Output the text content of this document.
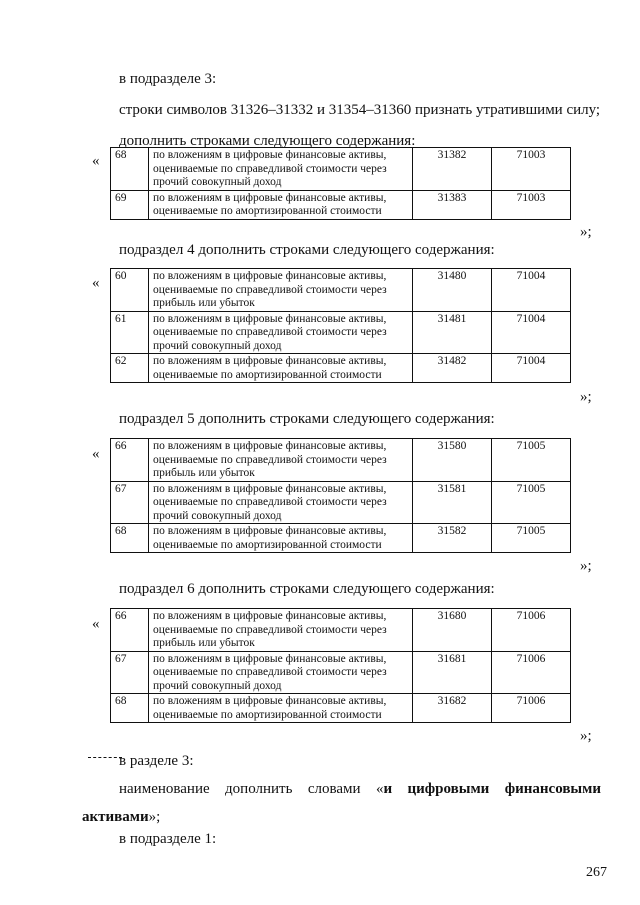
в подразделе 3:
строки символов 31326–31332 и 31354–31360 признать утратившими силу;
дополнить строками следующего содержания:
« 68	по вложениям в цифровые финансовые активы, оцениваемые по справедливой стоимости через прочий совокупный доход	31382	71003
69	по вложениям в цифровые финансовые активы, оцениваемые по амортизированной стоимости	31383	71003
»;
подраздел 4 дополнить строками следующего содержания:
« 60	по вложениям в цифровые финансовые активы, оцениваемые по справедливой стоимости через прибыль или убыток	31480	71004
61	по вложениям в цифровые финансовые активы, оцениваемые по справедливой стоимости через прочий совокупный доход	31481	71004
62	по вложениям в цифровые финансовые активы, оцениваемые по амортизированной стоимости	31482	71004
»;
подраздел 5 дополнить строками следующего содержания:
« 66	по вложениям в цифровые финансовые активы, оцениваемые по справедливой стоимости через прибыль или убыток	31580	71005
67	по вложениям в цифровые финансовые активы, оцениваемые по справедливой стоимости через прочий совокупный доход	31581	71005
68	по вложениям в цифровые финансовые активы, оцениваемые по амортизированной стоимости	31582	71005
»;
подраздел 6 дополнить строками следующего содержания:
« 66	по вложениям в цифровые финансовые активы, оцениваемые по справедливой стоимости через прибыль или убыток	31680	71006
67	по вложениям в цифровые финансовые активы, оцениваемые по справедливой стоимости через прочий совокупный доход	31681	71006
68	по вложениям в цифровые финансовые активы, оцениваемые по амортизированной стоимости	31682	71006
»;
в разделе 3:
наименование дополнить словами «и цифровыми финансовыми
активами»;
в подразделе 1:
267
